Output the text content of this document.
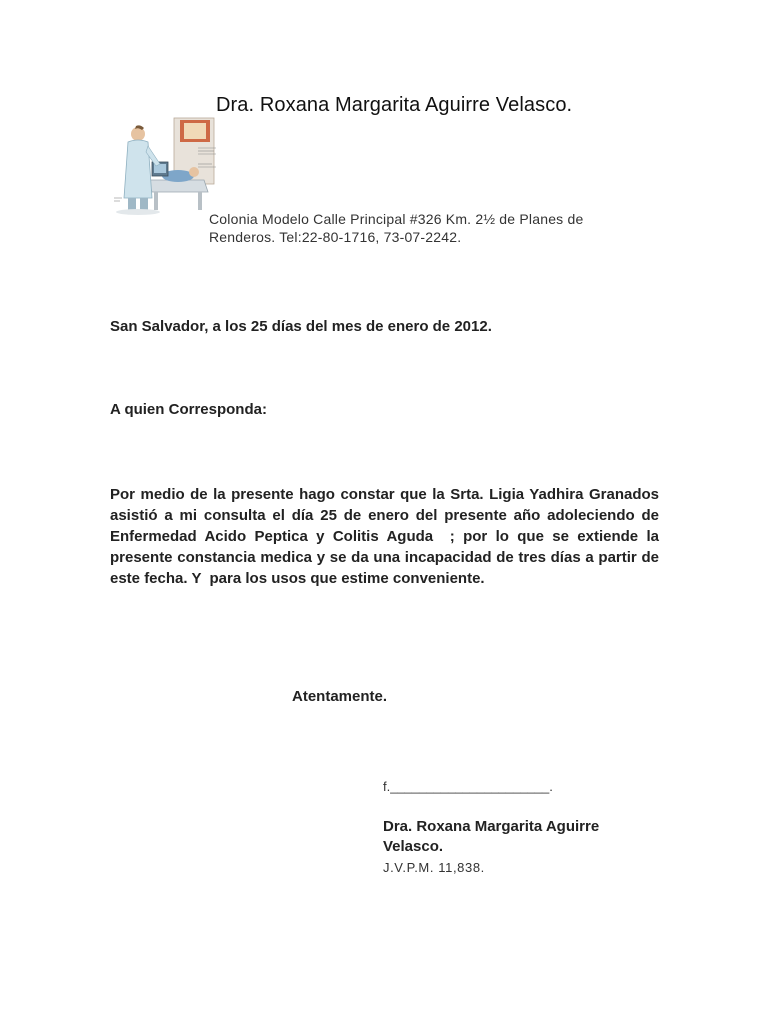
Dra. Roxana Margarita Aguirre Velasco.
Colonia Modelo Calle Principal #326 Km. 2½ de Planes de Renderos. Tel:22-80-1716, 73-07-2242.
San Salvador, a los 25 días del mes de enero de 2012.
A quien Corresponda:
Por medio de la presente hago constar que la Srta. Ligia Yadhira Granados asistió a mi consulta el día 25 de enero del presente año adoleciendo de Enfermedad Acido Peptica y Colitis Aguda  ; por lo que se extiende la presente constancia medica y se da una incapacidad de tres días a partir de este fecha. Y  para los usos que estime conveniente.
Atentamente.
f.______________________.
Dra. Roxana Margarita Aguirre Velasco.
J.V.P.M. 11,838.
